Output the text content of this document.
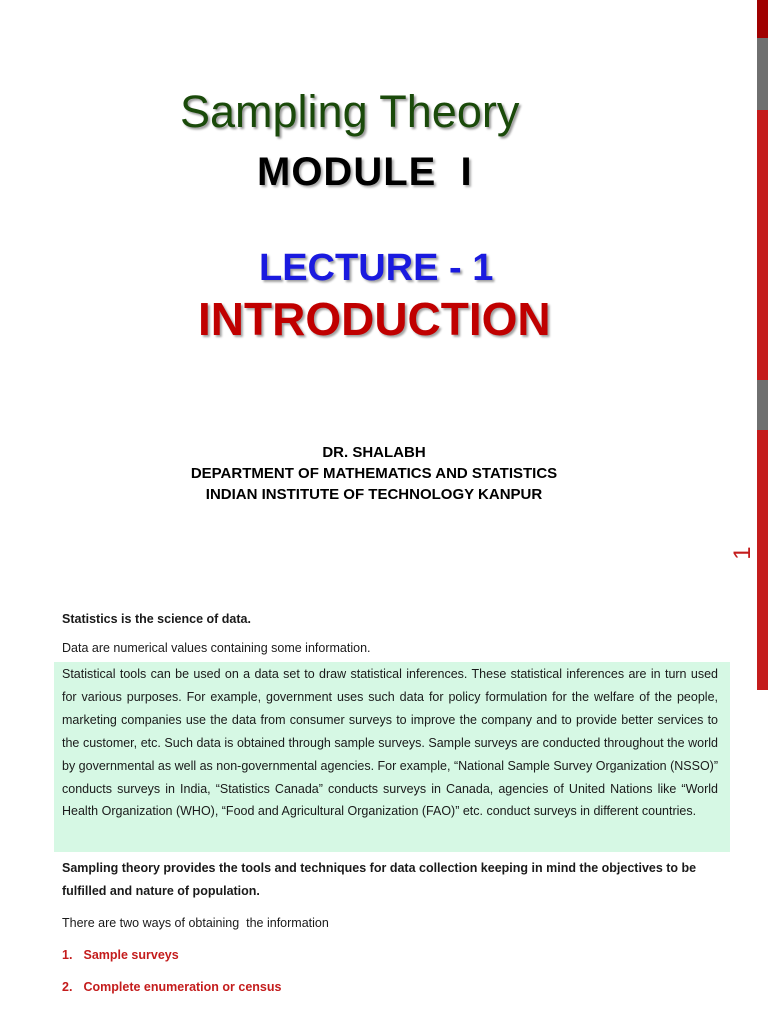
1
Sampling Theory
MODULE  I
LECTURE - 1
INTRODUCTION
DR. SHALABH
DEPARTMENT OF MATHEMATICS AND STATISTICS
INDIAN INSTITUTE OF TECHNOLOGY KANPUR

Statistics is the science of data.

Data are numerical values containing some information.

Statistical tools can be used on a data set to draw statistical inferences. These statistical inferences are in turn used for various purposes. For example, government uses such data for policy formulation for the welfare of the people, marketing companies use the data from consumer surveys to improve the company and to provide better services to the customer, etc. Such data is obtained through sample surveys. Sample surveys are conducted throughout the world by governmental as well as non-governmental agencies. For example, “National Sample Survey Organization (NSSO)” conducts surveys in India, “Statistics Canada” conducts surveys in Canada, agencies of United Nations like “World Health Organization (WHO), “Food and Agricultural Organization (FAO)” etc. conduct surveys in different countries.

Sampling theory provides the tools and techniques for data collection keeping in mind the objectives to be fulfilled and nature of population.

There are two ways of obtaining  the information

1. Sample surveys

2. Complete enumeration or census
